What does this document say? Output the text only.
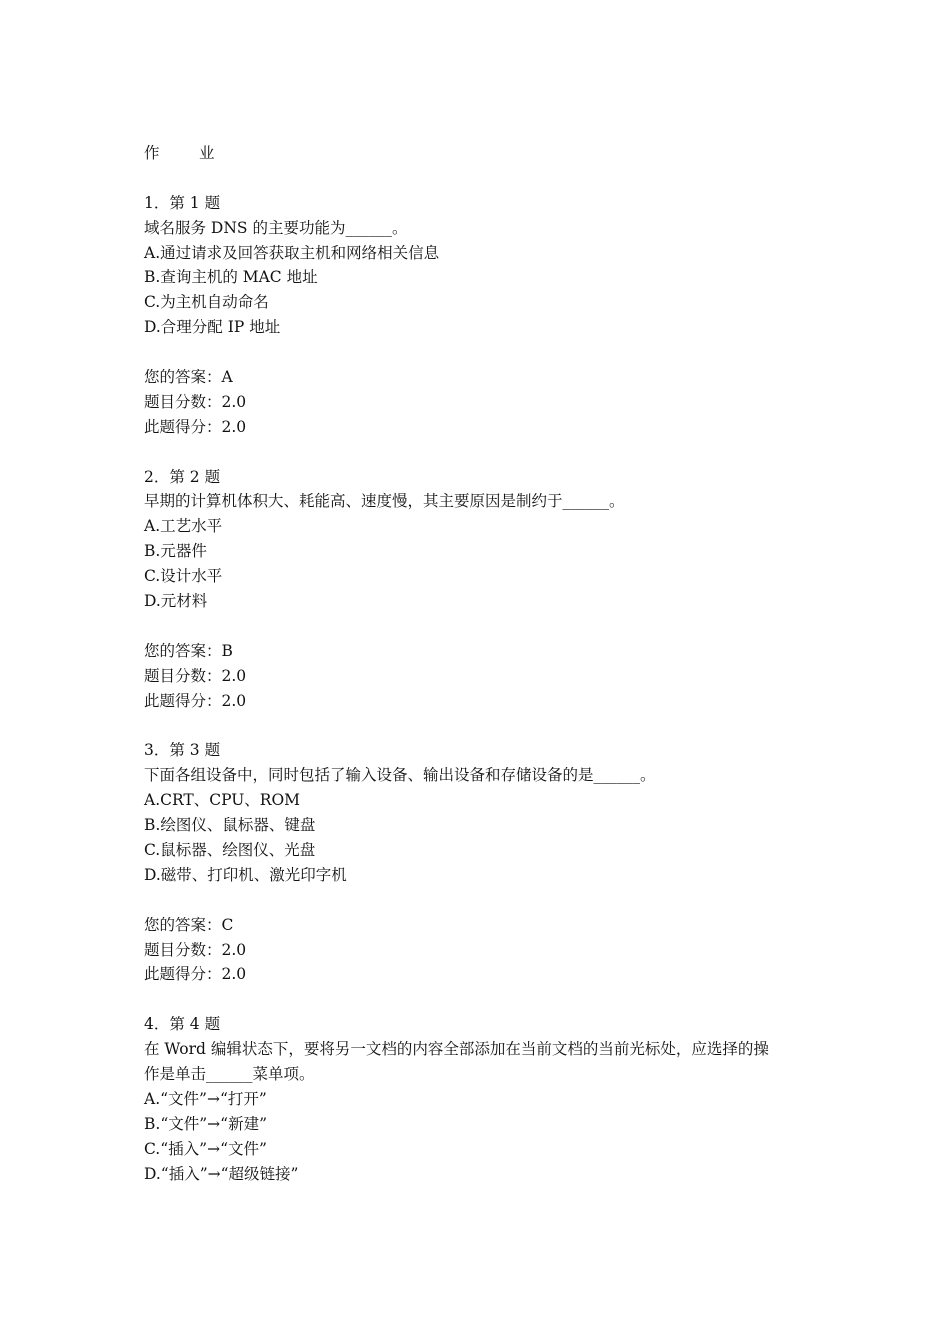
作　业
1．第 1 题
域名服务 DNS 的主要功能为______。
A.通过请求及回答获取主机和网络相关信息
B.查询主机的 MAC 地址
C.为主机自动命名
D.合理分配 IP 地址
您的答案：A
题目分数：2.0
此题得分：2.0
2．第 2 题
早期的计算机体积大、耗能高、速度慢，其主要原因是制约于______。
A.工艺水平
B.元器件
C.设计水平
D.元材料
您的答案：B
题目分数：2.0
此题得分：2.0
3．第 3 题
下面各组设备中，同时包括了输入设备、输出设备和存储设备的是______。
A.CRT、CPU、ROM
B.绘图仪、鼠标器、键盘
C.鼠标器、绘图仪、光盘
D.磁带、打印机、激光印字机
您的答案：C
题目分数：2.0
此题得分：2.0
4．第 4 题
在 Word 编辑状态下，要将另一文档的内容全部添加在当前文档的当前光标处，应选择的操
作是单击______菜单项。
A.“文件”→“打开”
B.“文件”→“新建”
C.“插入”→“文件”
D.“插入”→“超级链接”
